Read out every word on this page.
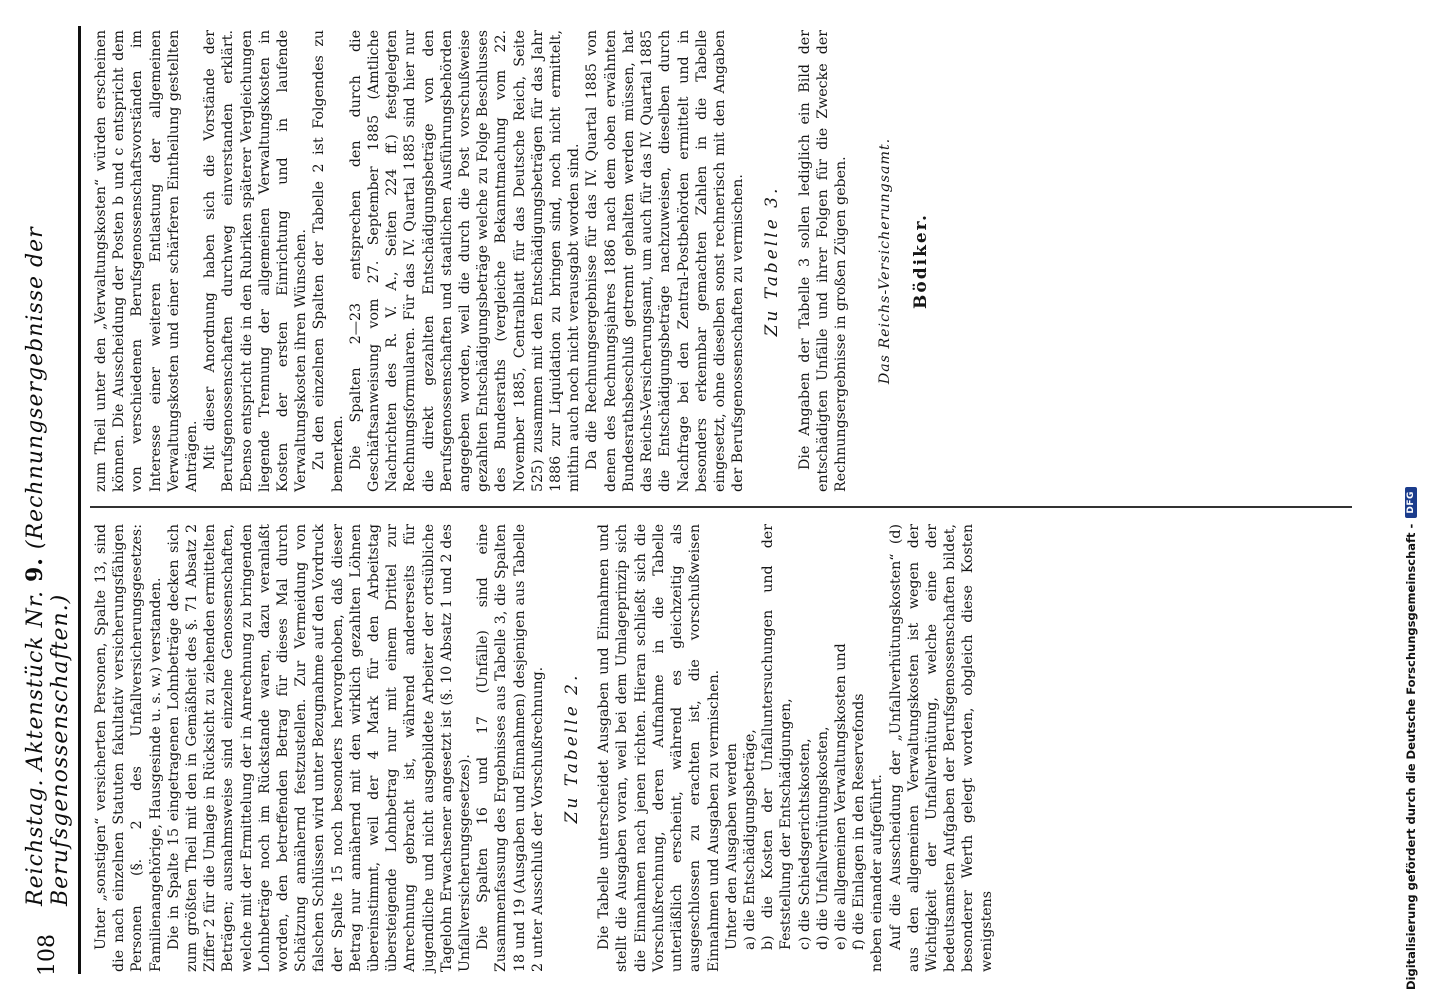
108
Reichstag. Aktenstück Nr. 9. (Rechnungsergebnisse der Berufsgenossenschaften.) Unter „sonstigen“ versicherten Personen, Spalte 13, sind die nach einzelnen Statuten fakultativ versicherungsfähigen Personen (§. 2 des Unfallversicherungsgesetzes: Familienangehörige, Hausgesinde u. s. w.) verstanden. Die in Spalte 15 eingetragenen Lohnbeträge decken sich zum größten Theil mit den in Gemäßheit des §. 71 Absatz 2 Ziffer 2 für die Umlage in Rücksicht zu ziehenden ermittelten Beträgen; ausnahmsweise sind einzelne Genossenschaften, welche mit der Ermittelung der in Anrechnung zu bringenden Lohnbeträge noch im Rückstande waren, dazu veranlaßt worden, den betreffenden Betrag für dieses Mal durch Schätzung annähernd festzustellen. Zur Vermeidung von falschen Schlüssen wird unter Bezugnahme auf den Vordruck der Spalte 15 noch besonders hervorgehoben, daß dieser Betrag nur annähernd mit den wirklich gezahlten Löhnen übereinstimmt, weil der 4 Mark für den Arbeitstag übersteigende Lohnbetrag nur mit einem Drittel zur Anrechnung gebracht ist, während andererseits für jugendliche und nicht ausgebildete Arbeiter der ortsübliche Tagelohn Erwachsener angesetzt ist (§. 10 Absatz 1 und 2 des Unfallversicherungsgesetzes). Die Spalten 16 und 17 (Unfälle) sind eine Zusammenfassung des Ergebnisses aus Tabelle 3, die Spalten 18 und 19 (Ausgaben und Einnahmen) desjenigen aus Tabelle 2 unter Ausschluß der Vorschußrechnung. Zu Tabelle 2. Die Tabelle unterscheidet Ausgaben und Einnahmen und stellt die Ausgaben voran, weil bei dem Umlageprinzip sich die Einnahmen nach jenen richten. Hieran schließt sich die Vorschußrechnung, deren Aufnahme in die Tabelle unterläßlich erscheint, während es gleichzeitig als ausgeschlossen zu erachten ist, die vorschußweisen Einnahmen und Ausgaben zu vermischen. Unter den Ausgaben werden a) die Entschädigungsbeträge, b) die Kosten der Unfalluntersuchungen und der Feststellung der Entschädigungen, c) die Schiedsgerichtskosten, d) die Unfallverhütungskosten, e) die allgemeinen Verwaltungskosten und f) die Einlagen in den Reservefonds neben einander aufgeführt. Auf die Ausscheidung der „Unfallverhütungskosten“ (d) aus den allgemeinen Verwaltungskosten ist wegen der Wichtigkeit der Unfallverhütung, welche eine der bedeutsamsten Aufgaben der Berufsgenossenschaften bildet, besonderer Werth gelegt worden, obgleich diese Kosten wenigstens

zum Theil unter den „Verwaltungskosten“ würden erscheinen können. Die Ausscheidung der Posten b und c entspricht dem von verschiedenen Berufsgenossenschaftsvorständen im Interesse einer weiteren Entlastung der allgemeinen Verwaltungskosten und einer schärferen Eintheilung gestellten Anträgen. Mit dieser Anordnung haben sich die Vorstände der Berufsgenossenschaften durchweg einverstanden erklärt. Ebenso entspricht die in den Rubriken späterer Vergleichungen liegende Trennung der allgemeinen Verwaltungskosten in Kosten der ersten Einrichtung und in laufende Verwaltungskosten ihren Wünschen. Zu den einzelnen Spalten der Tabelle 2 ist Folgendes zu bemerken. Die Spalten 2—23 entsprechen den durch die Geschäftsanweisung vom 27. September 1885 (Amtliche Nachrichten des R. V. A., Seiten 224 ff.) festgelegten Rechnungsformularen. Für das IV. Quartal 1885 sind hier nur die direkt gezahlten Entschädigungsbeträge von den Berufsgenossenschaften und staatlichen Ausführungsbehörden angegeben worden, weil die durch die Post vorschußweise gezahlten Entschädigungsbeträge welche zu Folge Beschlusses des Bundesraths (vergleiche Bekanntmachung vom 22. November 1885, Centralblatt für das Deutsche Reich, Seite 525) zusammen mit den Entschädigungsbeträgen für das Jahr 1886 zur Liquidation zu bringen sind, noch nicht ermittelt, mithin auch noch nicht verausgabt worden sind. Da die Rechnungsergebnisse für das IV. Quartal 1885 von denen des Rechnungsjahres 1886 nach dem oben erwähnten Bundesrathsbeschluß getrennt gehalten werden müssen, hat das Reichs-Versicherungsamt, um auch für das IV. Quartal 1885 die Entschädigungsbeträge nachzuweisen, dieselben durch Nachfrage bei den Zentral-Postbehörden ermittelt und in besonders erkennbar gemachten Zahlen in die Tabelle eingesetzt, ohne dieselben sonst rechnerisch mit den Angaben der Berufsgenossenschaften zu vermischen. Zu Tabelle 3. Die Angaben der Tabelle 3 sollen lediglich ein Bild der entschädigten Unfälle und ihrer Folgen für die Zwecke der Rechnungsergebnisse in großen Zügen geben. Das Reichs-Versicherungsamt. Bödiker.
Digitalisierung gefördert durch die Deutsche Forschungsgemeinschaft -
DFG
